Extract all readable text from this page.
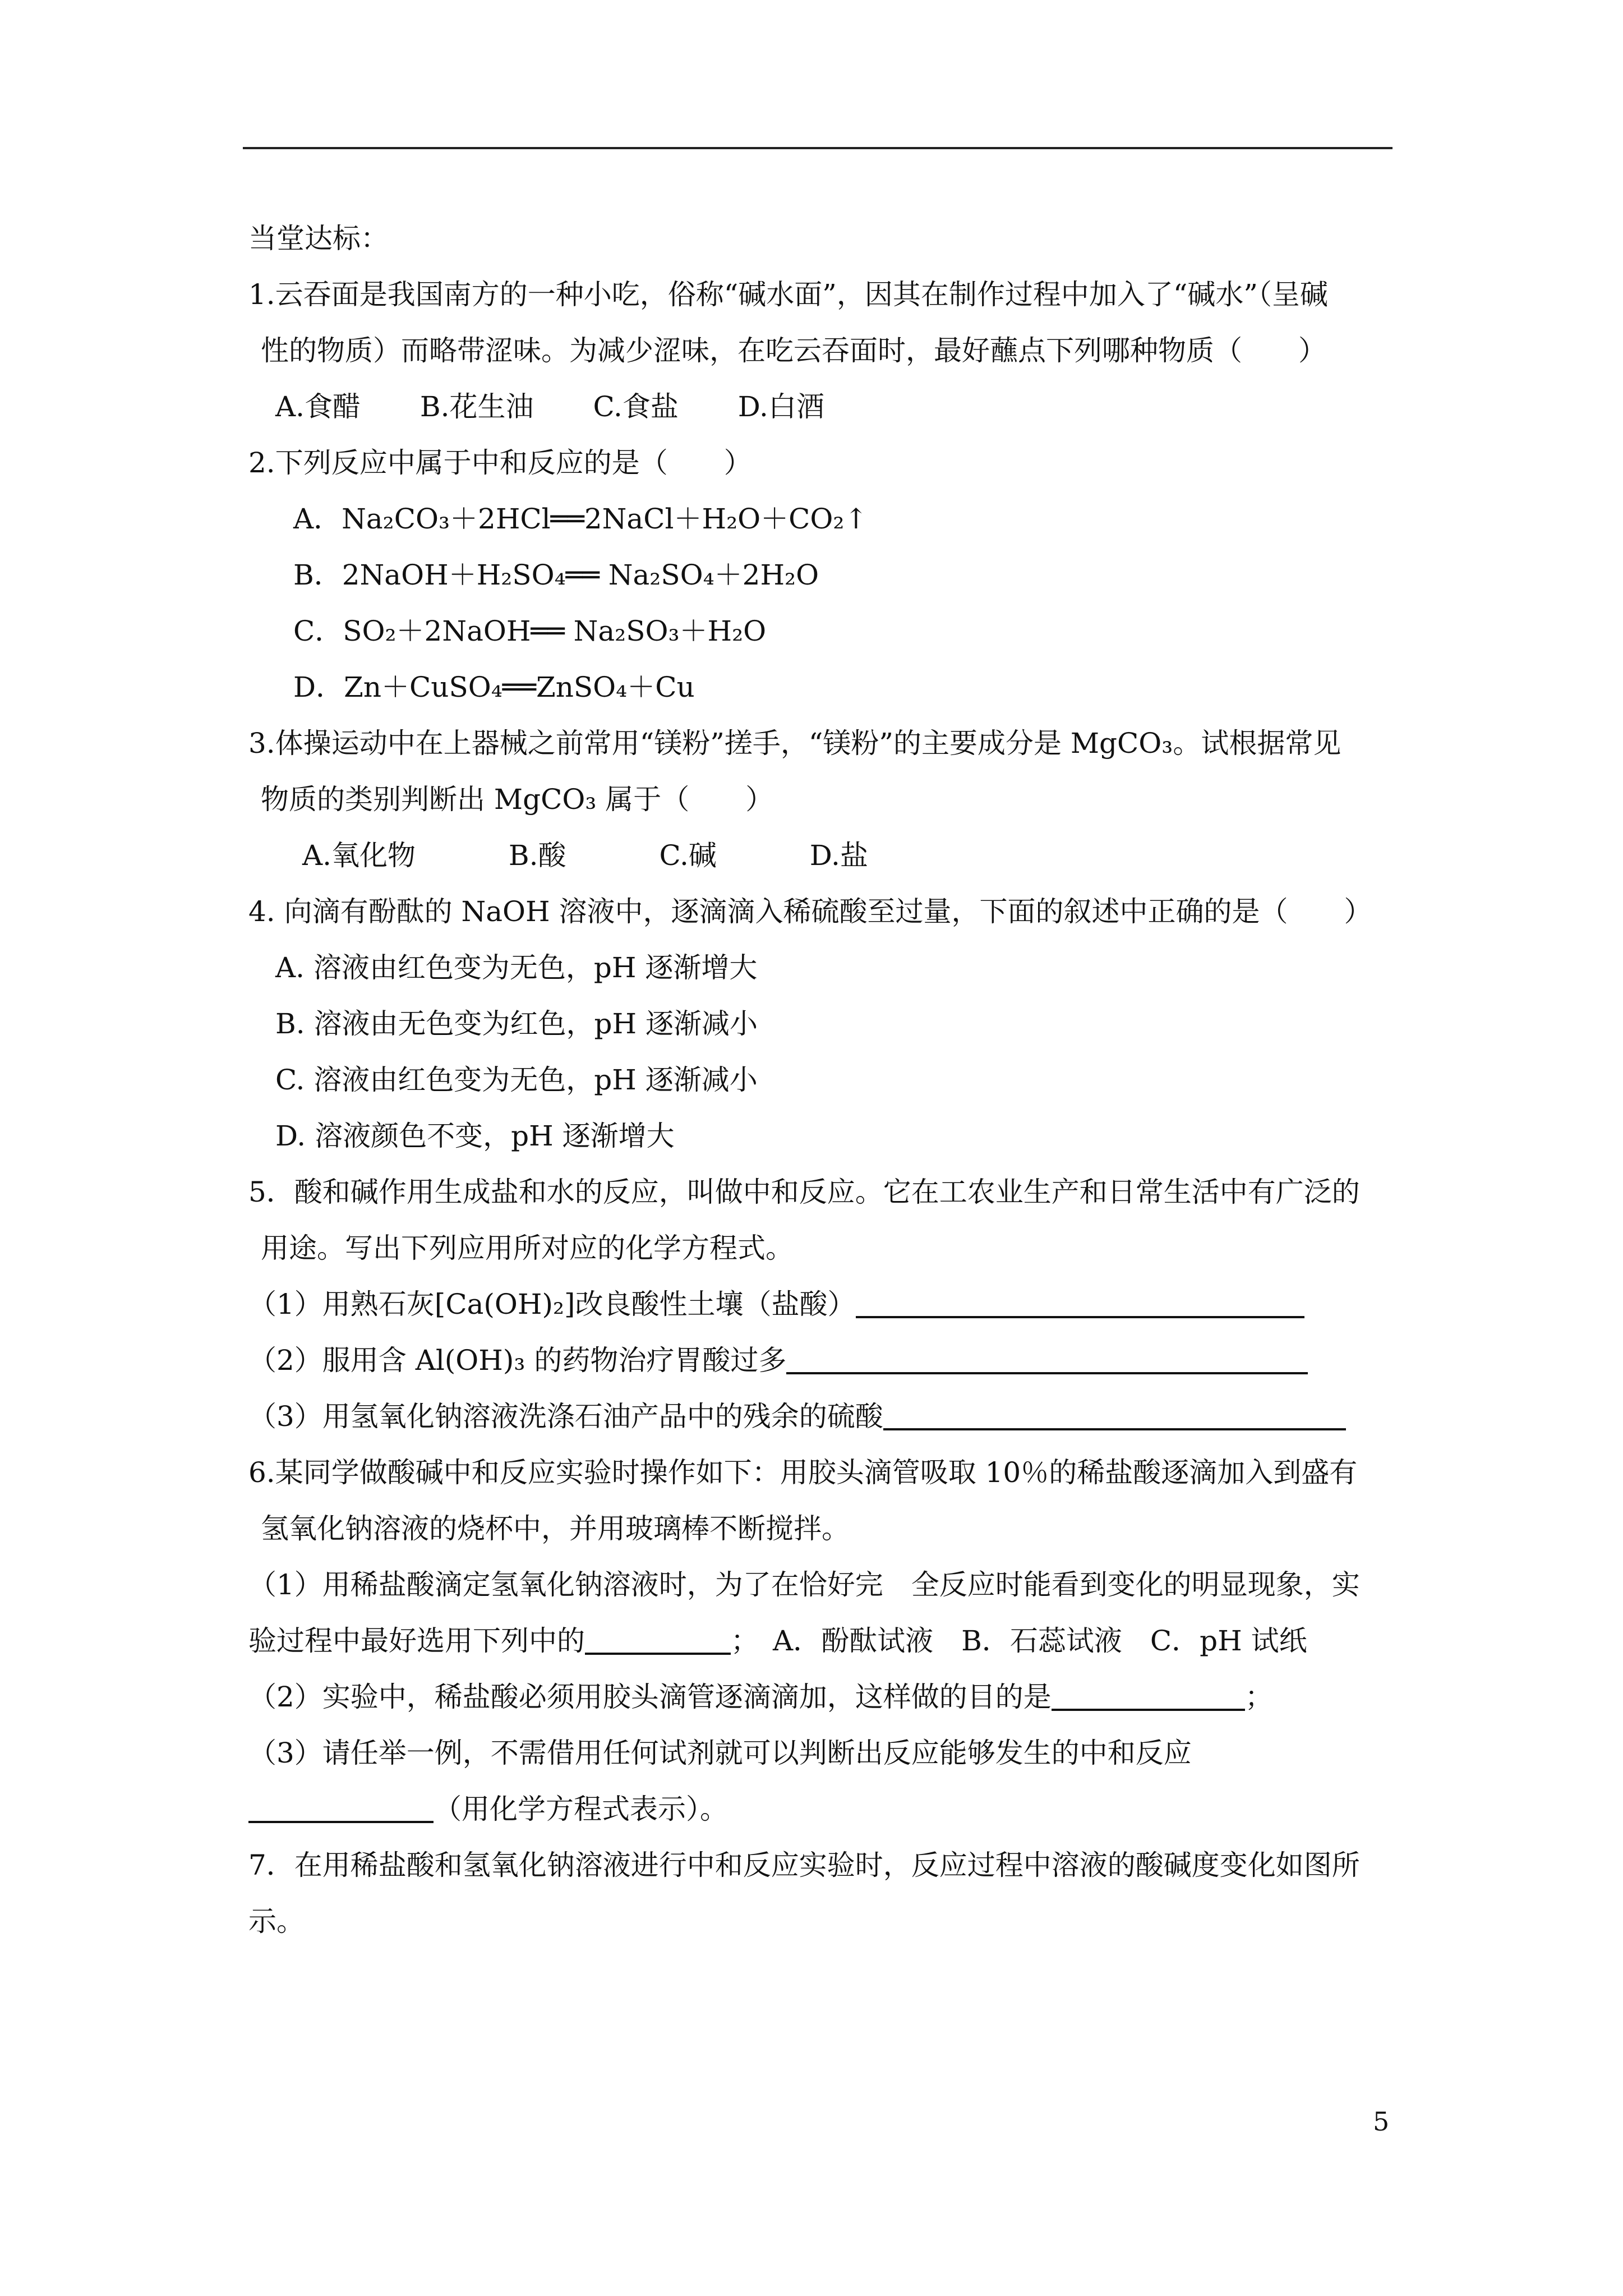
当堂达标：
1.云吞面是我国南方的一种小吃，俗称“碱水面”，因其在制作过程中加入了“碱水”（呈碱
性的物质）而略带涩味。为减少涩味，在吃云吞面时，最好蘸点下列哪种物质（　　）
A.食醋 B.花生油 C.食盐 D.白酒
2.下列反应中属于中和反应的是（　　）
A．Na₂CO₃＋2HCl══2NaCl＋H₂O＋CO₂↑
B．2NaOH＋H₂SO₄══ Na₂SO₄＋2H₂O
C．SO₂＋2NaOH══ Na₂SO₃＋H₂O
D．Zn＋CuSO₄══ZnSO₄＋Cu
3.体操运动中在上器械之前常用“镁粉”搓手，“镁粉”的主要成分是 MgCO₃。试根据常见
物质的类别判断出 MgCO₃ 属于（　　）
A.氧化物	B.酸	C.碱	D.盐
4. 向滴有酚酞的 NaOH 溶液中，逐滴滴入稀硫酸至过量，下面的叙述中正确的是（　　）
A. 溶液由红色变为无色，pH 逐渐增大
B. 溶液由无色变为红色，pH 逐渐减小
C. 溶液由红色变为无色，pH 逐渐减小
D. 溶液颜色不变，pH 逐渐增大
5．酸和碱作用生成盐和水的反应，叫做中和反应。它在工农业生产和日常生活中有广泛的
用途。写出下列应用所对应的化学方程式。
（1）用熟石灰[Ca(OH)₂]改良酸性土壤（盐酸）
（2）服用含 Al(OH)₃ 的药物治疗胃酸过多
（3）用氢氧化钠溶液洗涤石油产品中的残余的硫酸
6.某同学做酸碱中和反应实验时操作如下：用胶头滴管吸取 10％的稀盐酸逐滴加入到盛有
氢氧化钠溶液的烧杯中，并用玻璃棒不断搅拌。
（1）用稀盐酸滴定氢氧化钠溶液时，为了在恰好完　全反应时能看到变化的明显现象，实
验过程中最好选用下列中的	；　A．酚酞试液　B．石蕊试液　C．pH 试纸
（2）实验中，稀盐酸必须用胶头滴管逐滴滴加，这样做的目的是	；
（3）请任举一例，不需借用任何试剂就可以判断出反应能够发生的中和反应
（用化学方程式表示）。
7．在用稀盐酸和氢氧化钠溶液进行中和反应实验时，反应过程中溶液的酸碱度变化如图所
示。
5
